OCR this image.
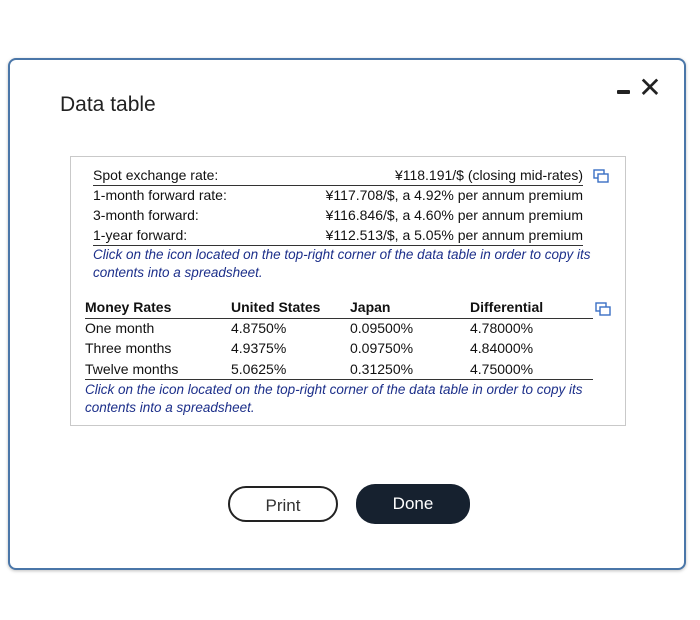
Data table
✕
Spot exchange rate:	¥118.191/$ (closing mid-rates)
1-month forward rate:	¥117.708/$, a 4.92% per annum premium
3-month forward:	¥116.846/$, a 4.60% per annum premium
1-year forward:	¥112.513/$, a 5.05% per annum premium
Click on the icon located on the top-right corner of the data table in order to copy its contents into a spreadsheet.
Money Rates	United States	Japan	Differential
One month	4.8750%	0.09500%	4.78000%
Three months	4.9375%	0.09750%	4.84000%
Twelve months	5.0625%	0.31250%	4.75000%
Click on the icon located on the top-right corner of the data table in order to copy its contents into a spreadsheet.
Print	Done
